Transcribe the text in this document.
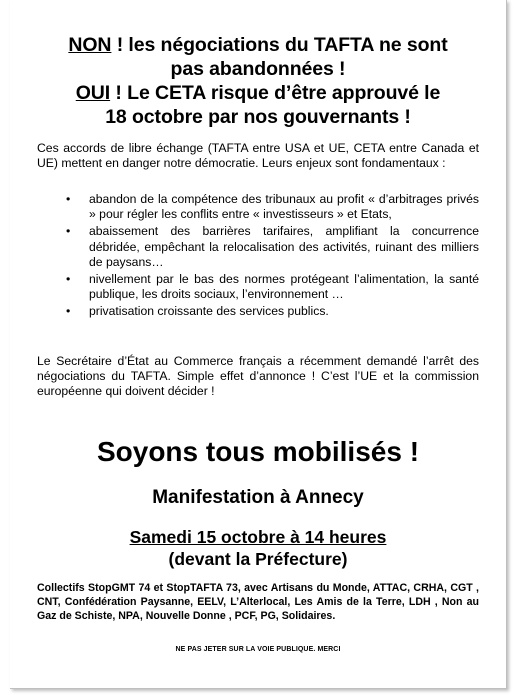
NON ! les négociations du TAFTA ne sont
pas abandonnées !
OUI ! Le CETA risque d’être approuvé le
18 octobre par nos gouvernants !
Ces accords de libre échange (TAFTA entre USA et UE, CETA entre Canada et UE) mettent en danger notre démocratie. Leurs enjeux sont fondamentaux :
• abandon de la compétence des tribunaux au profit « d’arbitrages privés » pour régler les conflits entre « investisseurs » et Etats,
• abaissement des barrières tarifaires, amplifiant la concurrence débridée, empêchant la relocalisation des activités, ruinant des milliers de paysans…
• nivellement par le bas des normes protégeant l’alimentation, la santé publique, les droits sociaux, l’environnement …
• privatisation croissante des services publics.
Le Secrétaire d’État au Commerce français a récemment demandé l’arrêt des négociations du TAFTA. Simple effet d’annonce ! C’est l’UE et la commission européenne qui doivent décider !
Soyons tous mobilisés !
Manifestation à Annecy
Samedi 15 octobre à 14 heures
(devant la Préfecture)
Collectifs StopGMT 74 et StopTAFTA 73, avec Artisans du Monde, ATTAC, CRHA, CGT , CNT, Confédération Paysanne, EELV, L’Alterlocal, Les Amis de la Terre, LDH , Non au Gaz de Schiste, NPA, Nouvelle Donne , PCF, PG, Solidaires.
NE PAS JETER SUR LA VOIE PUBLIQUE. MERCI
